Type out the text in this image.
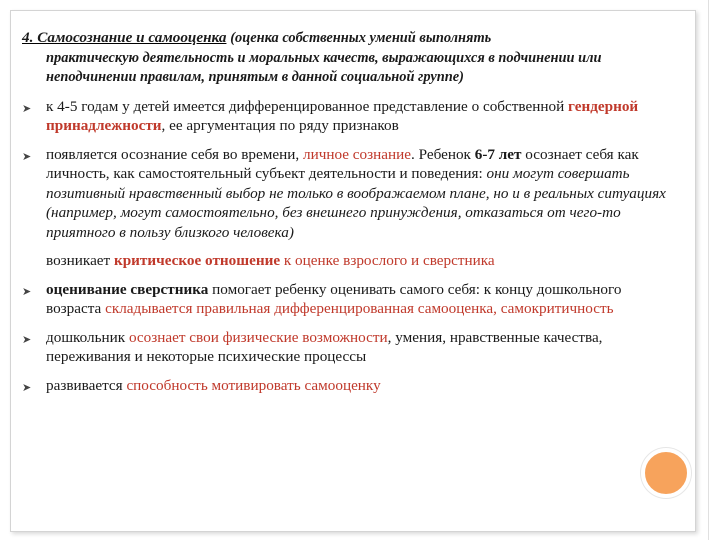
4. Самосознание и самооценка (оценка собственных умений выполнять
практическую деятельность и моральных качеств, выражающихся в подчинении или неподчинении правилам, принятым в данной социальной группе)
➤ к 4-5 годам у детей имеется дифференцированное представление о собственной гендерной принадлежности, ее аргументация по ряду признаков
➤ появляется осознание себя во времени, личное сознание. Ребенок 6-7 лет осознает себя как личность, как самостоятельный субъект деятельности и поведения: они могут совершать позитивный нравственный выбор не только в воображаемом плане, но и в реальных ситуациях (например, могут самостоятельно, без внешнего принуждения, отказаться от чего-то приятного в пользу близкого человека)
возникает критическое отношение к оценке взрослого и сверстника
➤ оценивание сверстника помогает ребенку оценивать самого себя: к концу дошкольного возраста складывается правильная дифференцированная самооценка, самокритичность
➤ дошкольник осознает свои физические возможности, умения, нравственные качества, переживания и некоторые психические процессы
➤ развивается способность мотивировать самооценку
